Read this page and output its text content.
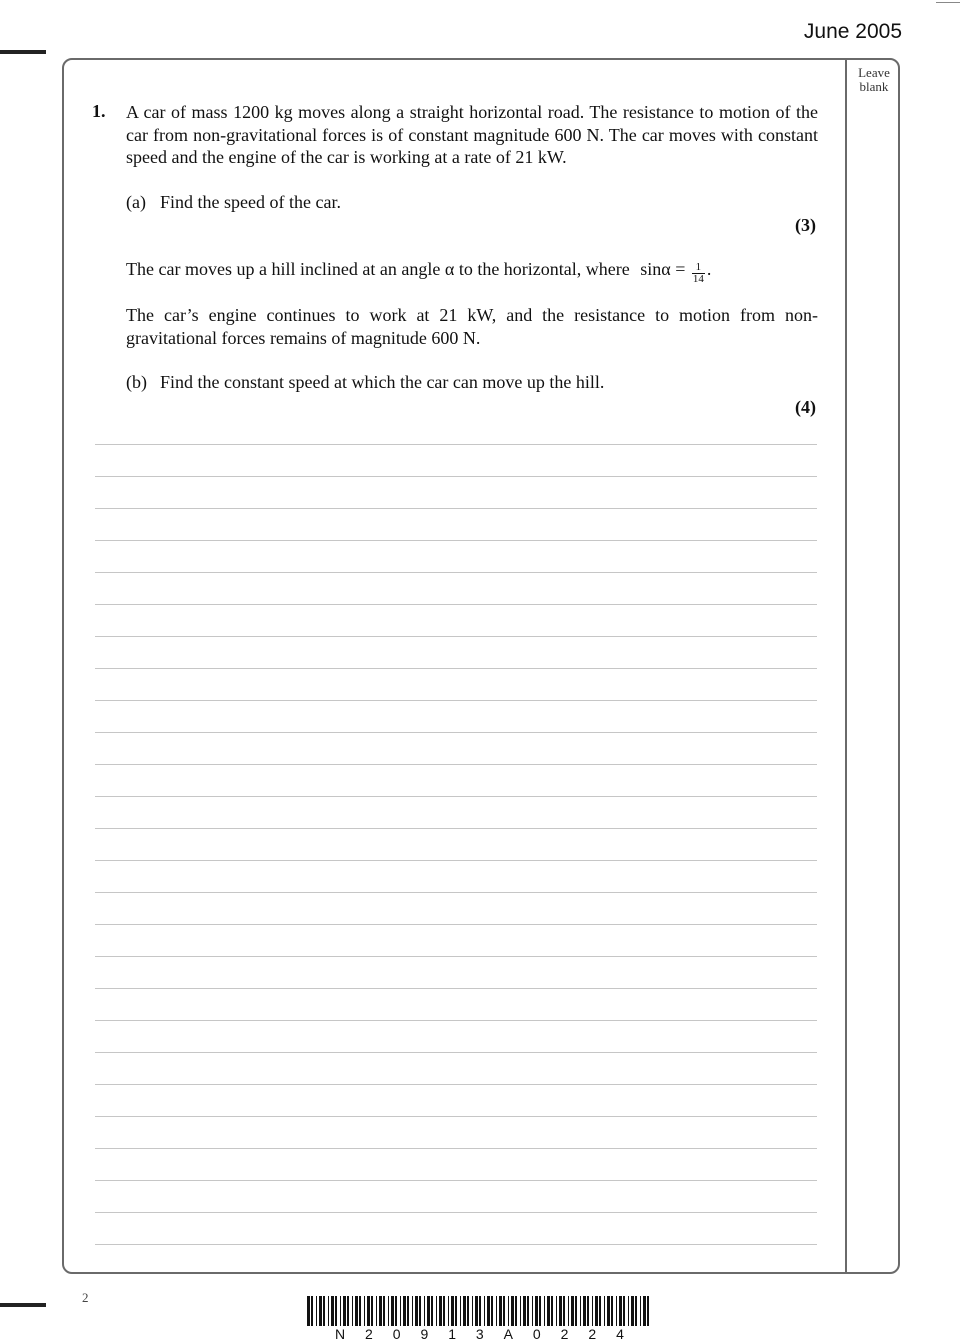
June 2005
Leave
blank
1. A car of mass 1200 kg moves along a straight horizontal road. The resistance to motion of the car from non-gravitational forces is of constant magnitude 600 N. The car moves with constant speed and the engine of the car is working at a rate of 21 kW.
(a) Find the speed of the car.
(3)
The car moves up a hill inclined at an angle α to the horizontal, where $\sin\alpha = \frac{1}{14}$ .
The car’s engine continues to work at 21 kW, and the resistance to motion from non-gravitational forces remains of magnitude 600 N.
(b) Find the constant speed at which the car can move up the hill.
(4)
2
N 2 0 9 1 3 A 0 2 2 4
